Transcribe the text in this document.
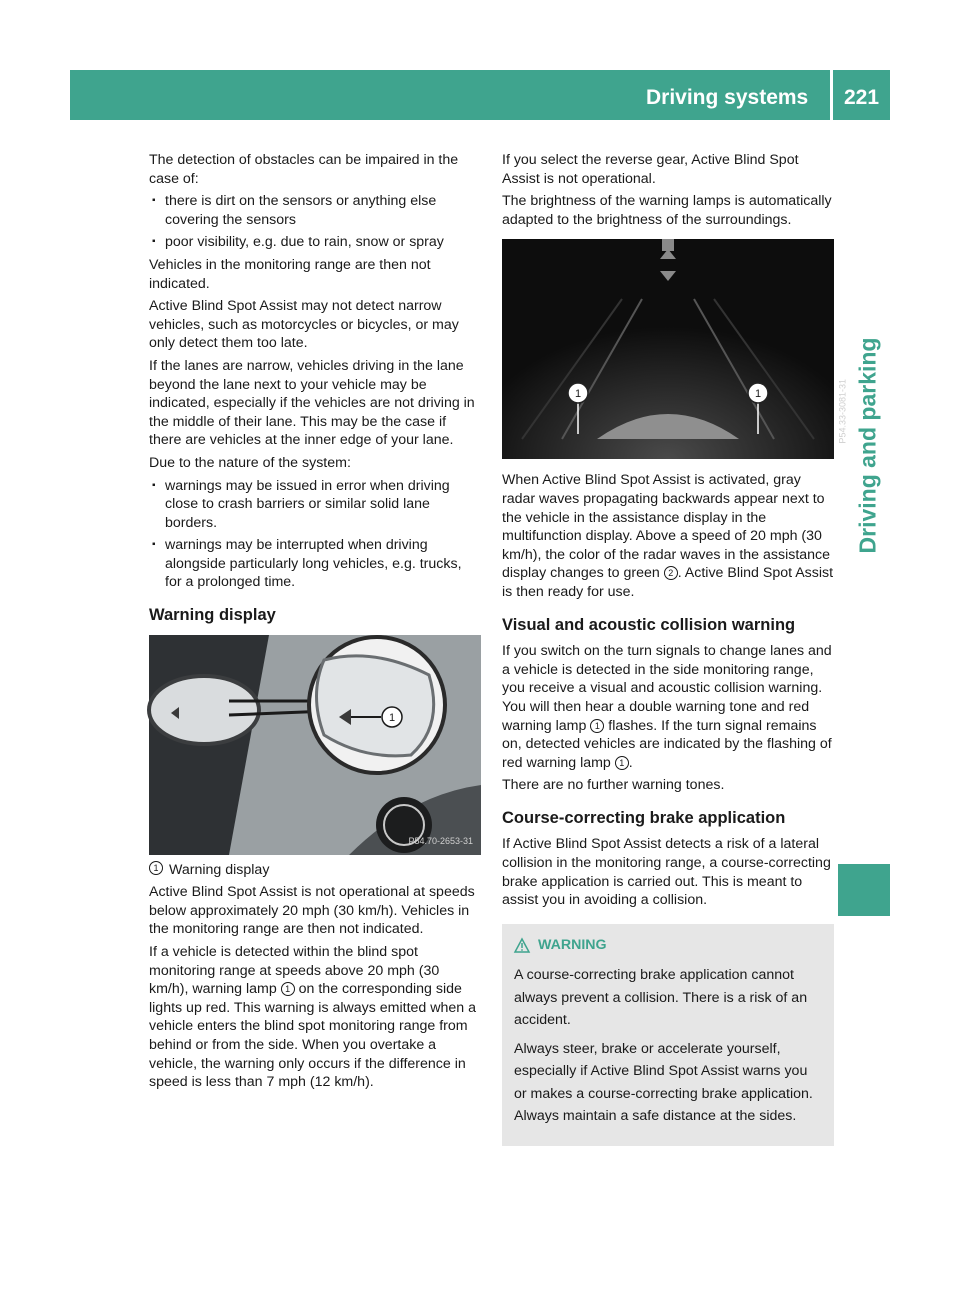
Driving systems 221
Driving and parking

The detection of obstacles can be impaired in the case of:

▪ there is dirt on the sensors or anything else covering the sensors
▪ poor visibility, e.g. due to rain, snow or spray

Vehicles in the monitoring range are then not indicated.

Active Blind Spot Assist may not detect narrow vehicles, such as motorcycles or bicycles, or may only detect them too late.

If the lanes are narrow, vehicles driving in the lane beyond the lane next to your vehicle may be indicated, especially if the vehicles are not driving in the middle of their lane. This may be the case if there are vehicles at the inner edge of your lane.

Due to the nature of the system:

▪ warnings may be issued in error when driving close to crash barriers or similar solid lane borders.
▪ warnings may be interrupted when driving alongside particularly long vehicles, e.g. trucks, for a prolonged time.
Warning display
1
P54.70-2653-31
1 Warning display

Active Blind Spot Assist is not operational at speeds below approximately 20 mph (30 km/h). Vehicles in the monitoring range are then not indicated.

If a vehicle is detected within the blind spot monitoring range at speeds above 20 mph (30 km/h), warning lamp 1 on the corresponding side lights up red. This warning is always emitted when a vehicle enters the blind spot monitoring range from behind or from the side. When you overtake a vehicle, the warning only occurs if the difference in speed is less than 7 mph (12 km/h).

If you select the reverse gear, Active Blind Spot Assist is not operational.

The brightness of the warning lamps is automatically adapted to the brightness of the surroundings.

1	1	P54.33-3081-31

When Active Blind Spot Assist is activated, gray radar waves propagating backwards appear next to the vehicle in the assistance display in the multifunction display. Above a speed of 20 mph (30 km/h), the color of the radar waves in the assistance display changes to green 2 . Active Blind Spot Assist is then ready for use.

Visual and acoustic collision warning

If you switch on the turn signals to change lanes and a vehicle is detected in the side monitoring range, you receive a visual and acoustic collision warning. You will then hear a double warning tone and red warning lamp 1 flashes. If the turn signal remains on, detected vehicles are indicated by the flashing of red warning lamp 1 .

There are no further warning tones.

Course-correcting brake application

If Active Blind Spot Assist detects a risk of a lateral collision in the monitoring range, a course-correcting brake application is carried out. This is meant to assist you in avoiding a collision.

WARNING

A course-correcting brake application cannot always prevent a collision. There is a risk of an accident.

Always steer, brake or accelerate yourself, especially if Active Blind Spot Assist warns you or makes a course-correcting brake application. Always maintain a safe distance at the sides.
